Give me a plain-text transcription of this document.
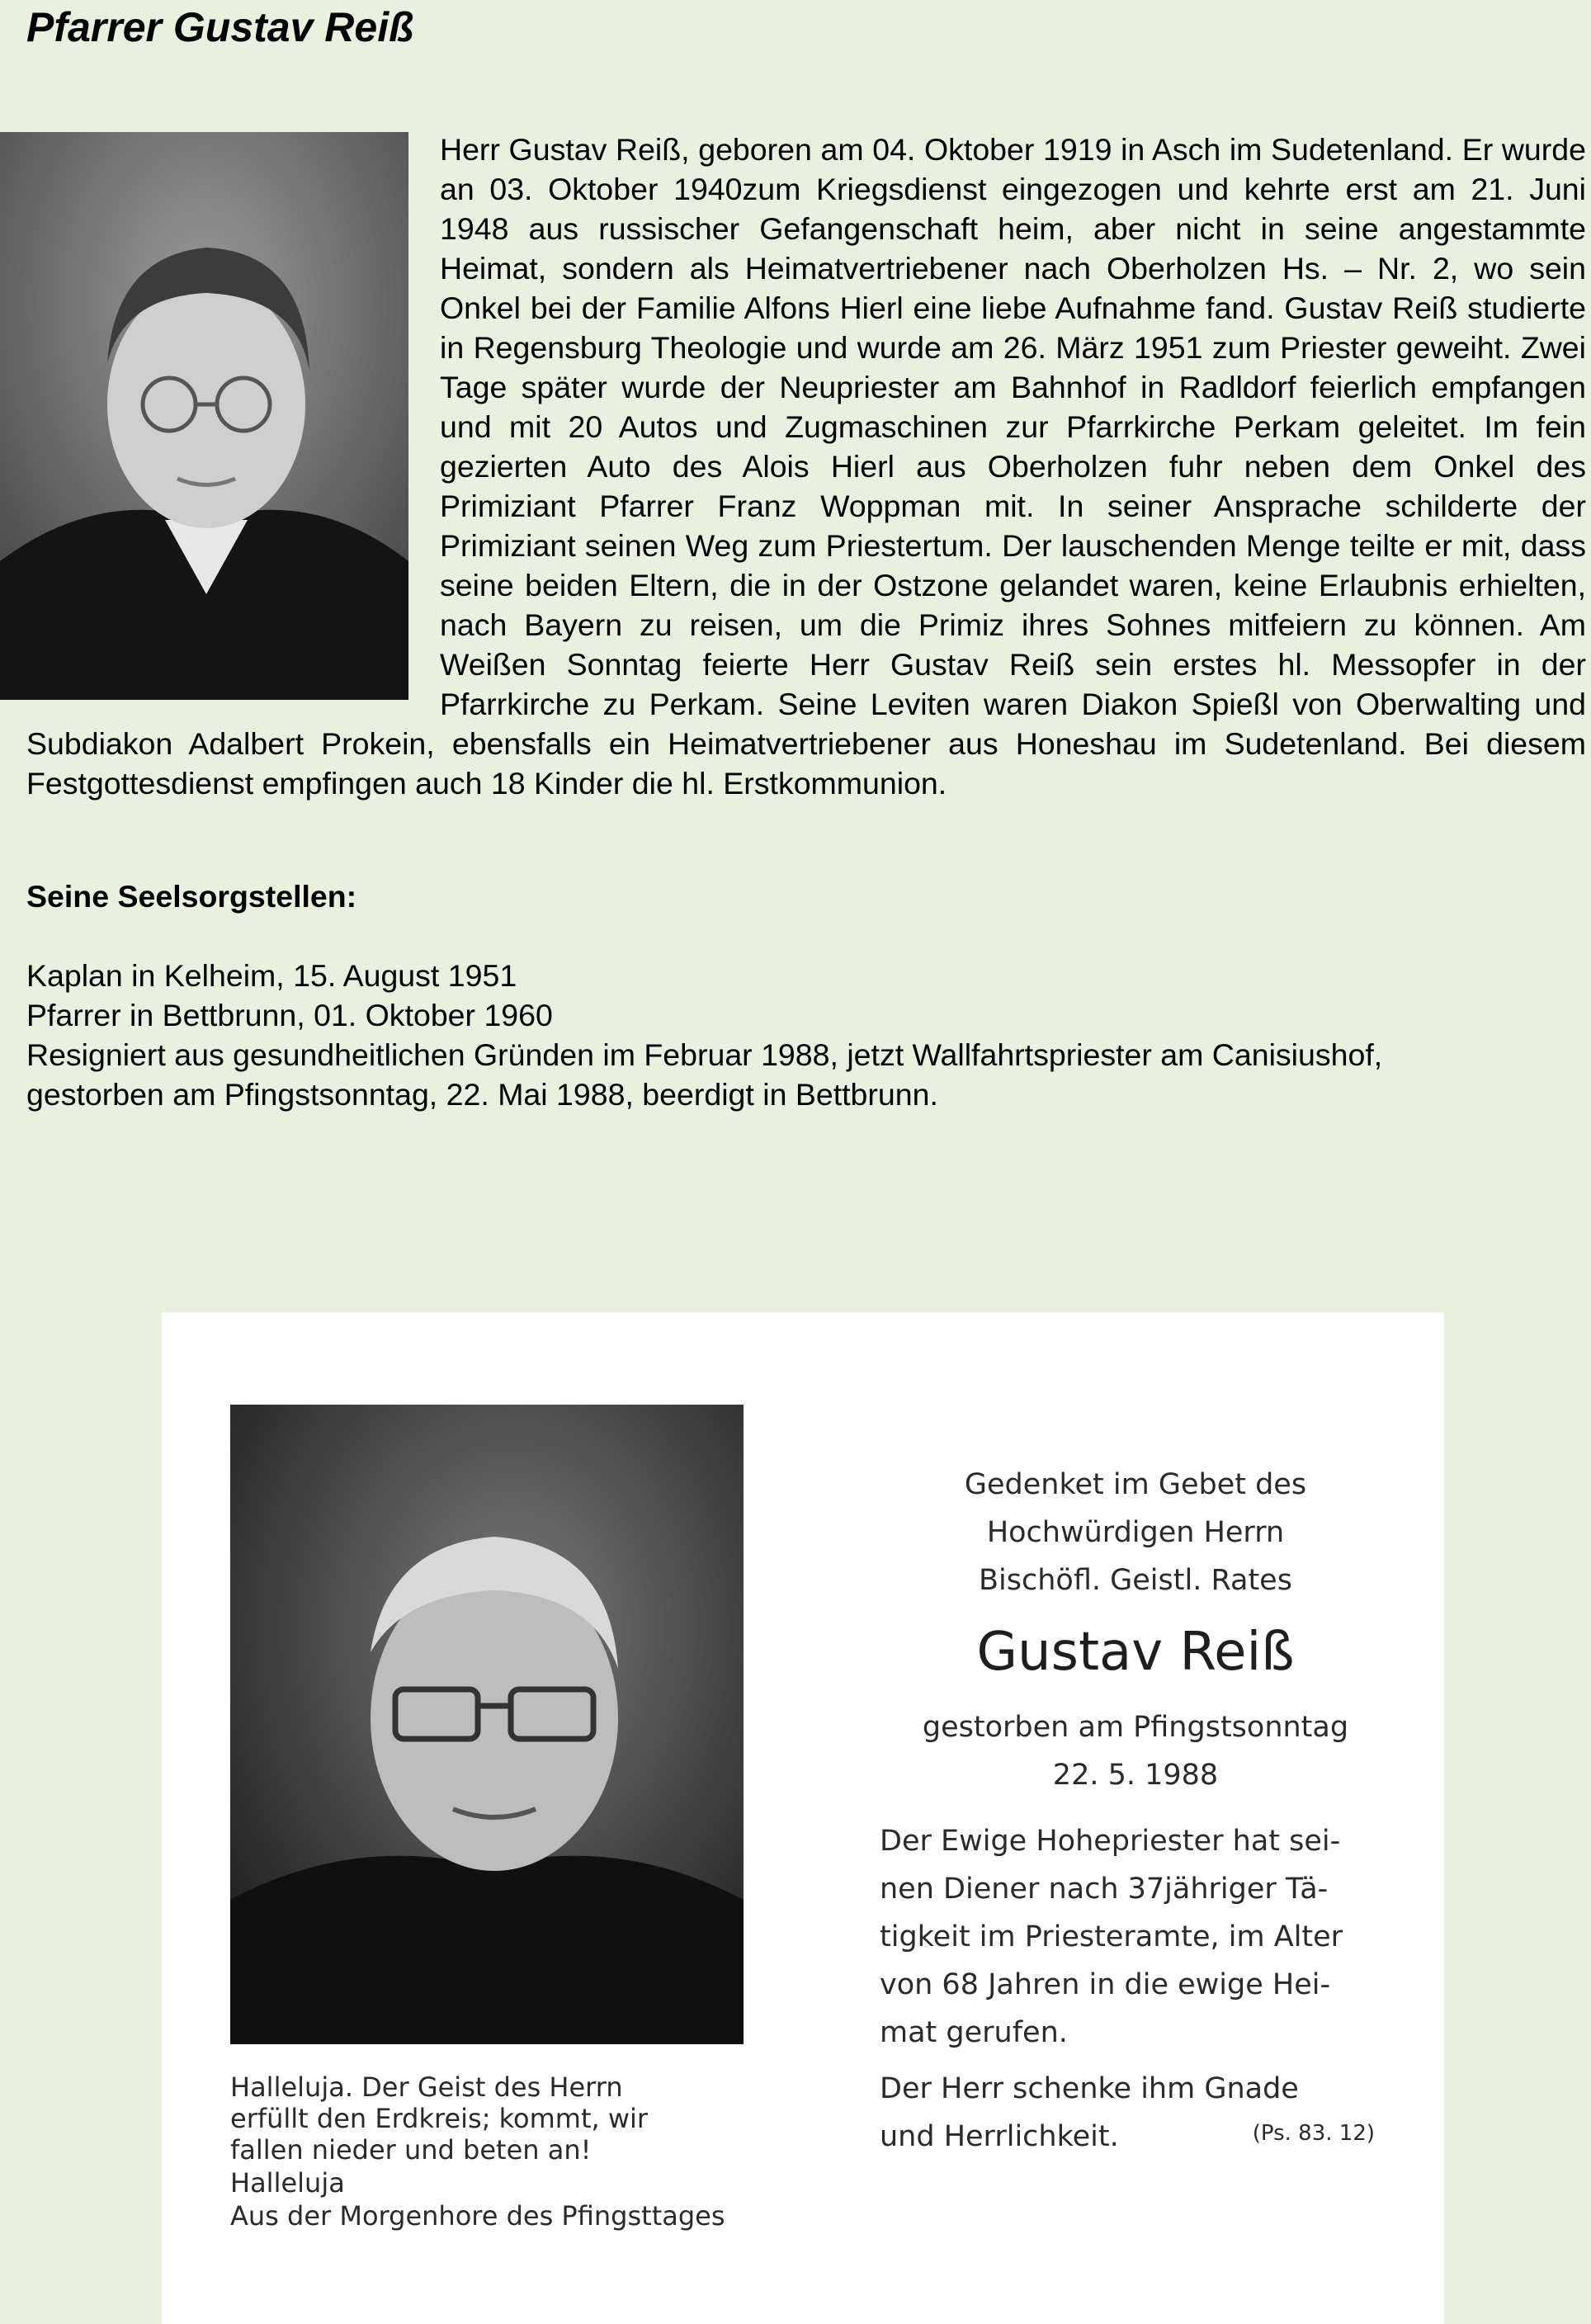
Pfarrer Gustav Reiß

Herr Gustav Reiß, geboren am 04. Oktober 1919 in Asch im Sudetenland. Er wurde an 03. Oktober 1940zum Kriegsdienst eingezogen und kehrte erst am 21. Juni 1948 aus russischer Gefangenschaft heim, aber nicht in seine angestammte Heimat, sondern als Heimatvertriebener nach Oberholzen Hs. – Nr. 2, wo sein Onkel bei der Familie Alfons Hierl eine liebe Aufnahme fand. Gustav Reiß studierte in Regensburg Theologie und wurde am 26. März 1951 zum Priester geweiht. Zwei Tage später wurde der Neupriester am Bahnhof in Radldorf feierlich empfangen und mit 20 Autos und Zugmaschinen zur Pfarrkirche Perkam geleitet. Im fein gezierten Auto des Alois Hierl aus Oberholzen fuhr neben dem Onkel des Primiziant Pfarrer Franz Woppman mit. In seiner Ansprache schilderte der Primiziant seinen Weg zum Priestertum. Der lauschenden Menge teilte er mit, dass seine beiden Eltern, die in der Ostzone gelandet waren, keine Erlaubnis erhielten, nach Bayern zu reisen, um die Primiz ihres Sohnes mitfeiern zu können. Am Weißen Sonntag feierte Herr Gustav Reiß sein erstes hl. Messopfer in der Pfarrkirche zu Perkam. Seine Leviten waren Diakon Spießl von Oberwalting und Subdiakon Adalbert Prokein, ebensfalls ein Heimatvertriebener aus Honeshau im Sudetenland. Bei diesem Festgottesdienst empfingen auch 18 Kinder die hl. Erstkommunion.

Seine Seelsorgstellen:

Kaplan in Kelheim, 15. August 1951

Pfarrer in Bettbrunn, 01. Oktober 1960

Resigniert aus gesundheitlichen Gründen im Februar 1988, jetzt Wallfahrtspriester am Canisiushof,

gestorben am Pfingstsonntag, 22. Mai 1988, beerdigt in Bettbrunn.

Halleluja. Der Geist des Herrn

erfüllt den Erdkreis; kommt, wir

fallen nieder und beten an!

Halleluja

Aus der Morgenhore des Pfingsttages

Gedenket im Gebet des

Hochwürdigen Herrn

Bischöfl. Geistl. Rates

Gustav Reiß

gestorben am Pfingstsonntag

22. 5. 1988

Der Ewige Hohepriester hat sei-
nen Diener nach 37jähriger Tä-
tigkeit im Priesteramte, im Alter
von 68 Jahren in die ewige Hei-
mat gerufen.
Der Herr schenke ihm Gnade
und Herrlichkeit.	(Ps. 83. 12)
